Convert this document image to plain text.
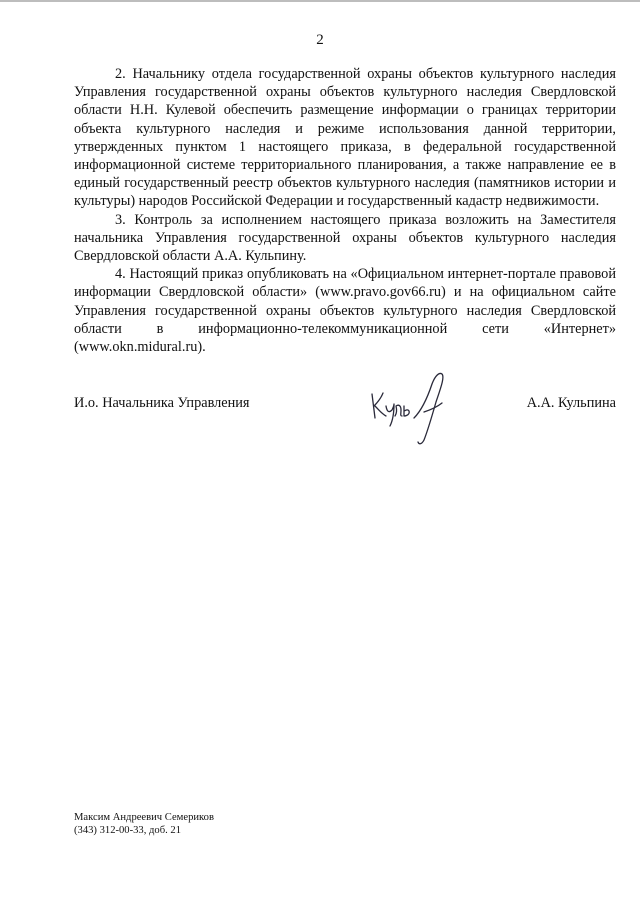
2

2. Начальнику отдела государственной охраны объектов культурного наследия Управления государственной охраны объектов культурного наследия Свердловской области Н.Н. Кулевой обеспечить размещение информации о границах территории объекта культурного наследия и режиме использования данной территории, утвержденных пунктом 1 настоящего приказа, в федеральной государственной информационной системе территориального планирования, а также направление ее в единый государственный реестр объектов культурного наследия (памятников истории и культуры) народов Российской Федерации и государственный кадастр недвижимости.

3. Контроль за исполнением настоящего приказа возложить на Заместителя начальника Управления государственной охраны объектов культурного наследия Свердловской области А.А. Кульпину.

4. Настоящий приказ опубликовать на «Официальном интернет-портале правовой информации Свердловской области» (www.pravo.gov66.ru) и на официальном сайте Управления государственной охраны объектов культурного наследия Свердловской области в информационно-телекоммуникационной сети «Интернет» (www.okn.midural.ru).

И.о. Начальника Управления	А.А. Кульпина
Максим Андреевич Семериков
(343) 312-00-33, доб. 21
